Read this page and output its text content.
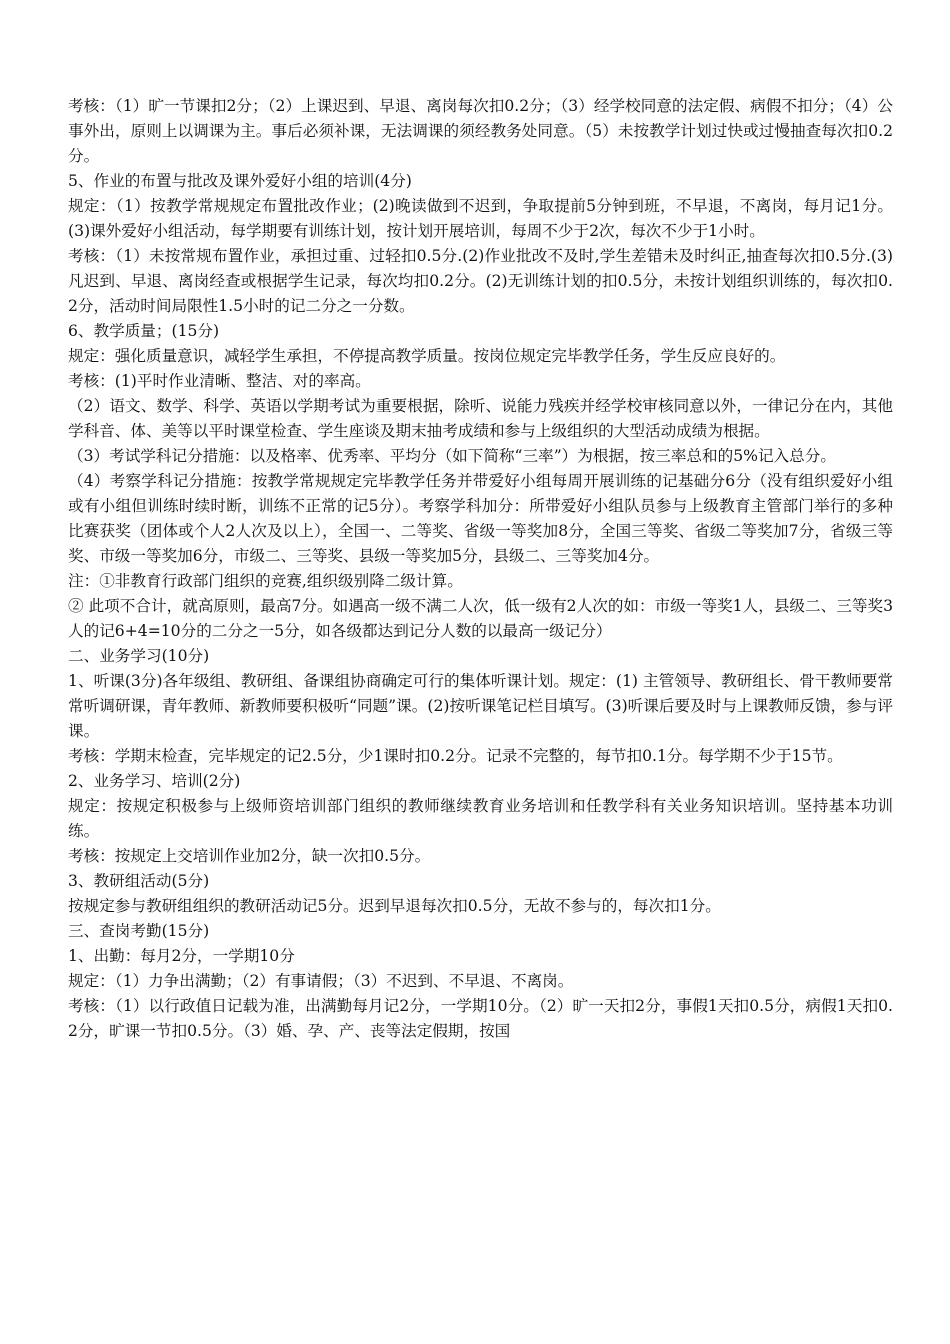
考核：（1）旷一节课扣2分；（2）上课迟到、早退、离岗每次扣0.2分；（3）经学校同意的法定假、病假不扣分；（4）公事外出，原则上以调课为主。事后必须补课，无法调课的须经教务处同意。（5）未按教学计划过快或过慢抽查每次扣0.2分。

5、作业的布置与批改及课外爱好小组的培训(4分)

规定：（1）按教学常规规定布置批改作业；(2)晚读做到不迟到，争取提前5分钟到班，不早退，不离岗，每月记1分。(3)课外爱好小组活动，每学期要有训练计划，按计划开展培训，每周不少于2次，每次不少于1小时。

考核：（1）未按常规布置作业，承担过重、过轻扣0.5分.(2)作业批改不及时,学生差错未及时纠正,抽查每次扣0.5分.(3)凡迟到、早退、离岗经查或根据学生记录，每次均扣0.2分。(2)无训练计划的扣0.5分，未按计划组织训练的，每次扣0.2分，活动时间局限性1.5小时的记二分之一分数。

6、教学质量；(15分)

规定：强化质量意识，减轻学生承担，不停提高教学质量。按岗位规定完毕教学任务，学生反应良好的。

考核：(1)平时作业清晰、整洁、对的率高。

（2）语文、数学、科学、英语以学期考试为重要根据，除听、说能力残疾并经学校审核同意以外，一律记分在内，其他学科音、体、美等以平时课堂检查、学生座谈及期末抽考成绩和参与上级组织的大型活动成绩为根据。

（3）考试学科记分措施：以及格率、优秀率、平均分（如下简称“三率”）为根据，按三率总和的5%记入总分。

（4）考察学科记分措施：按教学常规规定完毕教学任务并带爱好小组每周开展训练的记基础分6分（没有组织爱好小组或有小组但训练时续时断，训练不正常的记5分）。考察学科加分：所带爱好小组队员参与上级教育主管部门举行的多种比赛获奖（团体或个人2人次及以上），全国一、二等奖、省级一等奖加8分，全国三等奖、省级二等奖加7分，省级三等奖、市级一等奖加6分，市级二、三等奖、县级一等奖加5分，县级二、三等奖加4分。

注：①非教育行政部门组织的竞赛,组织级别降二级计算。

② 此项不合计，就高原则，最高7分。如遇高一级不满二人次，低一级有2人次的如：市级一等奖1人，县级二、三等奖3人的记6+4=10分的二分之一5分，如各级都达到记分人数的以最高一级记分）

二、业务学习(10分)

1、听课(3分)各年级组、教研组、备课组协商确定可行的集体听课计划。规定：(1) 主管领导、教研组长、骨干教师要常常听调研课，青年教师、新教师要积极听“同题”课。(2)按听课笔记栏目填写。(3)听课后要及时与上课教师反馈，参与评课。

考核：学期末检查，完毕规定的记2.5分，少1课时扣0.2分。记录不完整的，每节扣0.1分。每学期不少于15节。

2、业务学习、培训(2分)

规定：按规定积极参与上级师资培训部门组织的教师继续教育业务培训和任教学科有关业务知识培训。坚持基本功训练。

考核：按规定上交培训作业加2分，缺一次扣0.5分。

3、教研组活动(5分)

按规定参与教研组组织的教研活动记5分。迟到早退每次扣0.5分，无故不参与的，每次扣1分。

三、查岗考勤(15分)

1、出勤：每月2分，一学期10分

规定：（1）力争出满勤；（2）有事请假；（3）不迟到、不早退、不离岗。

考核：（1）以行政值日记载为准，出满勤每月记2分，一学期10分。（2）旷一天扣2分，事假1天扣0.5分，病假1天扣0.2分，旷课一节扣0.5分。（3）婚、孕、产、丧等法定假期，按国
